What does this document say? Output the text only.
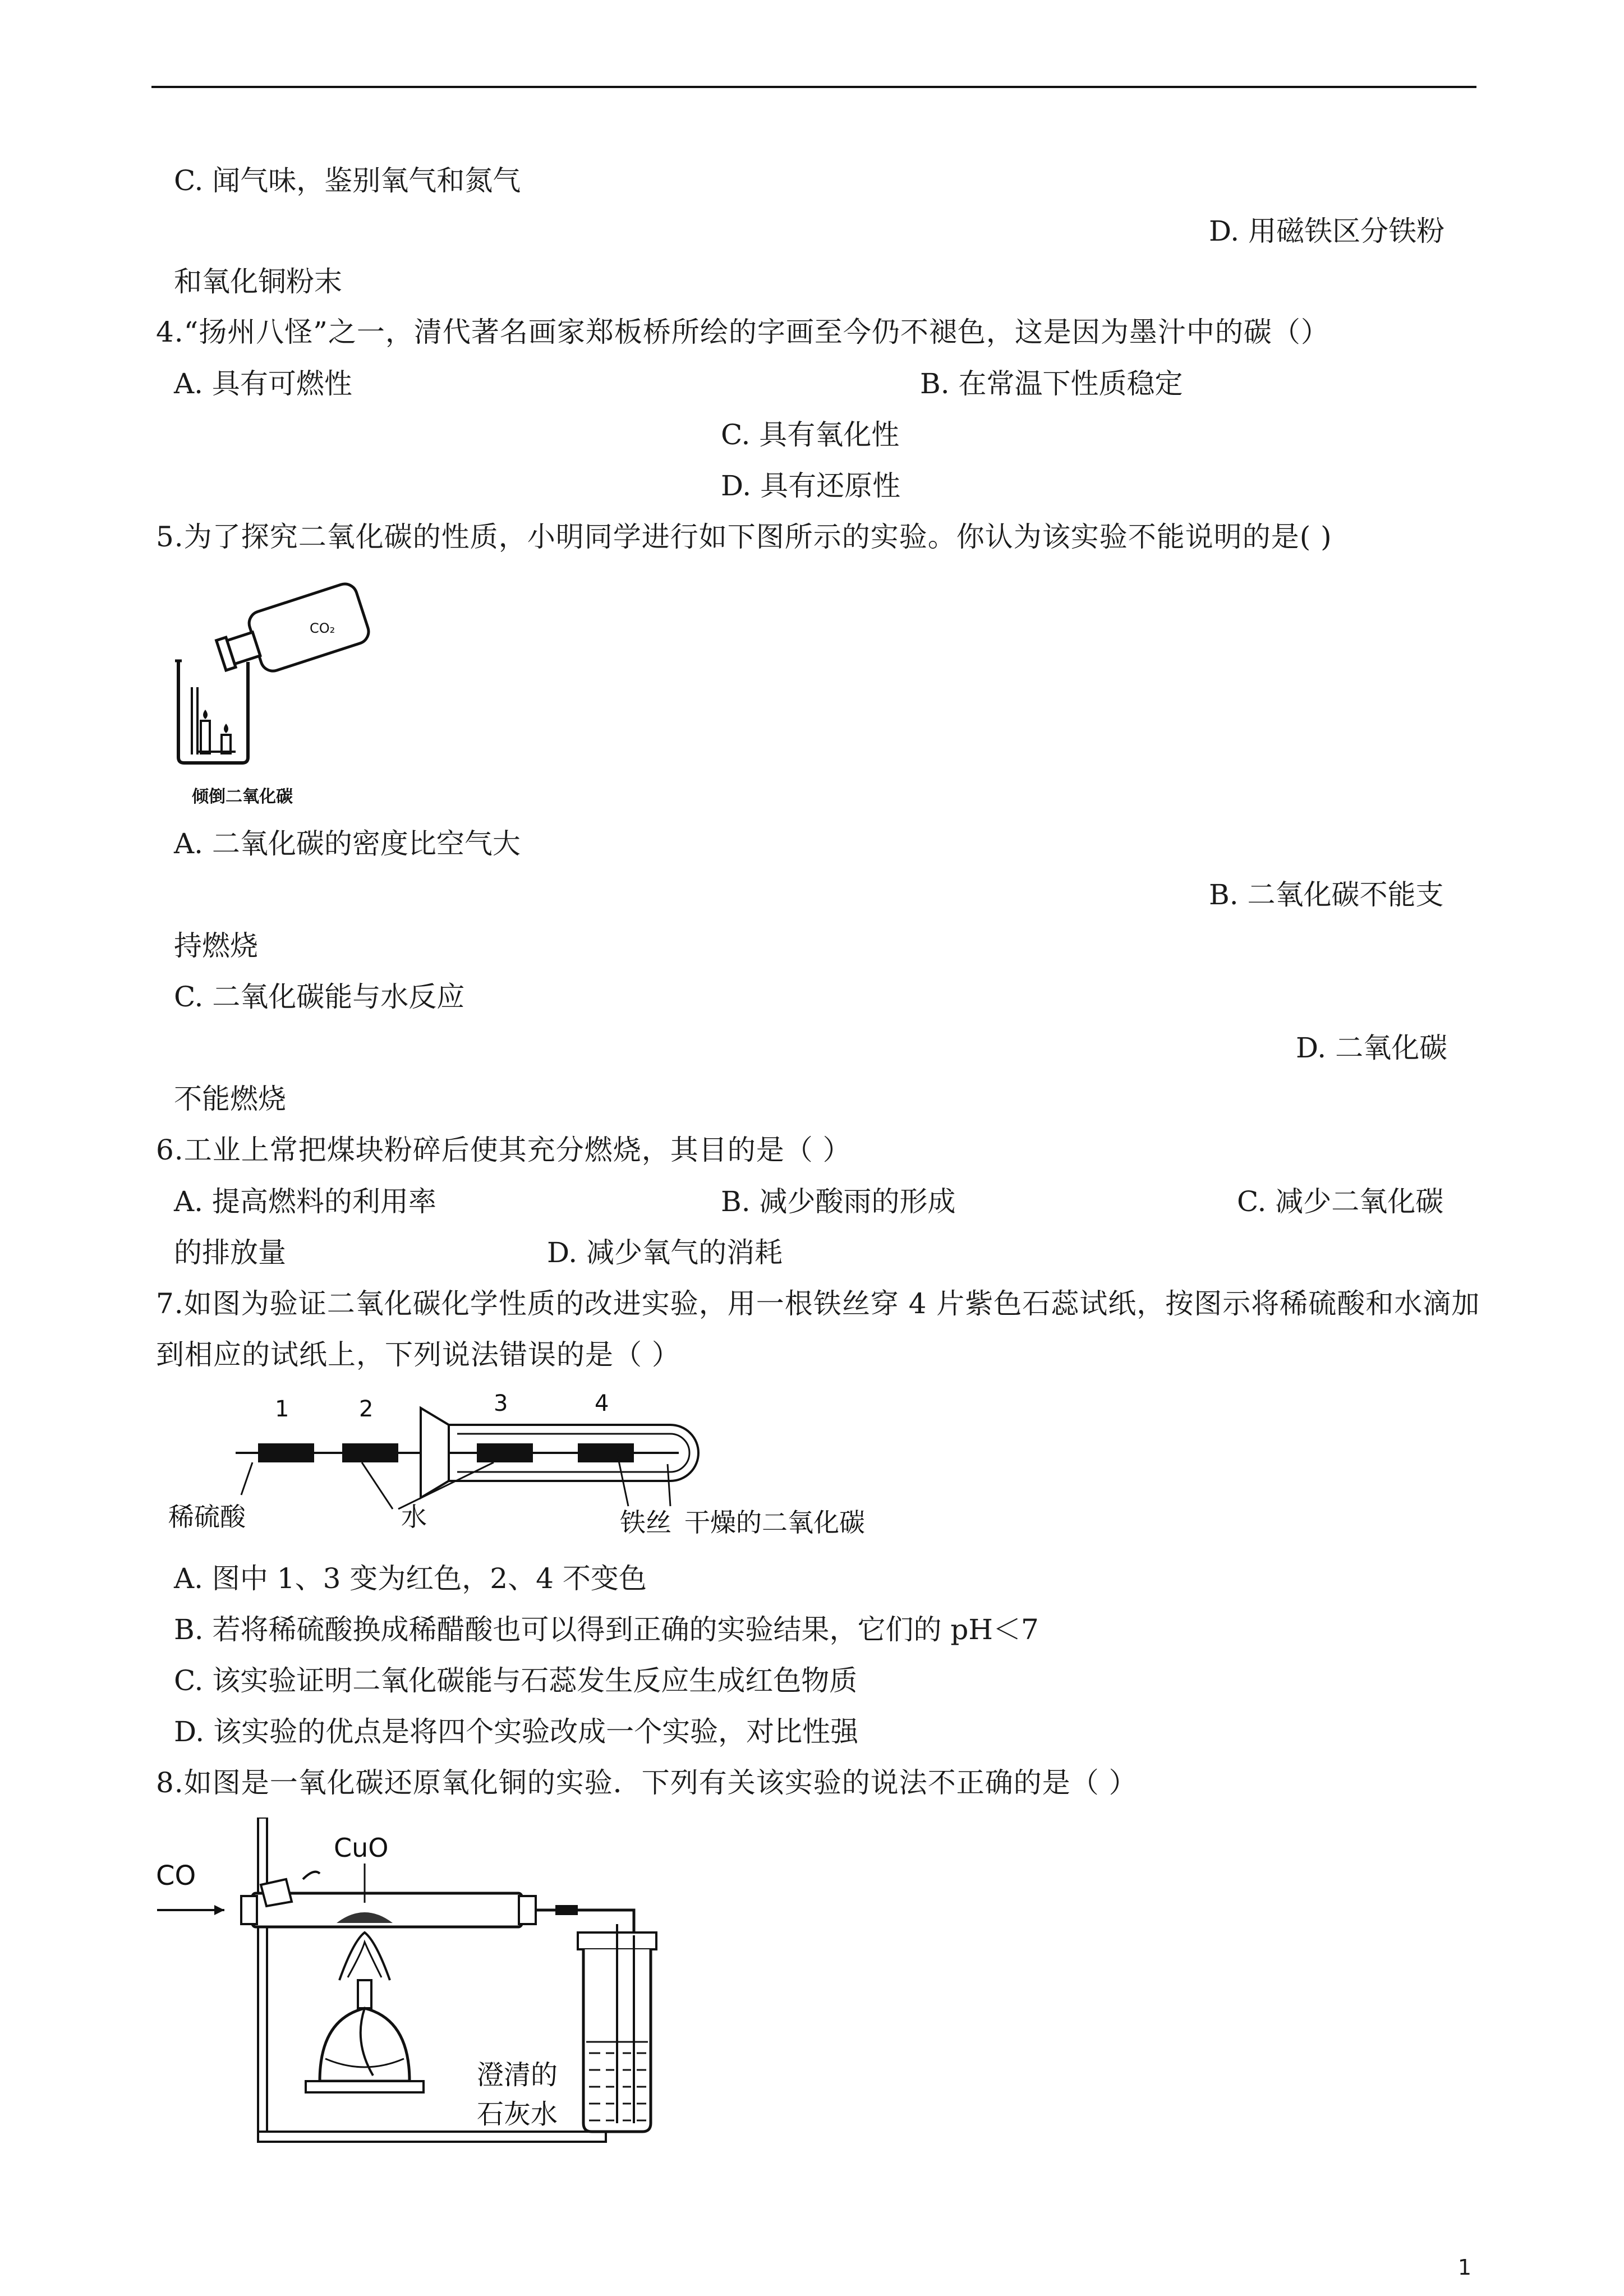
C. 闻气味，鉴别氧气和氮气
D. 用磁铁区分铁粉
和氧化铜粉末
4.“扬州八怪”之一，清代著名画家郑板桥所绘的字画至今仍不褪色，这是因为墨汁中的碳（）
A. 具有可燃性	B. 在常温下性质稳定
C. 具有氧化性
D. 具有还原性
5.为了探究二氧化碳的性质，小明同学进行如下图所示的实验。你认为该实验不能说明的是( )
CO₂
倾倒二氧化碳
A. 二氧化碳的密度比空气大
B. 二氧化碳不能支
持燃烧
C. 二氧化碳能与水反应
D. 二氧化碳
不能燃烧
6.工业上常把煤块粉碎后使其充分燃烧，其目的是（ ）
A. 提高燃料的利用率	B. 减少酸雨的形成	C. 减少二氧化碳
的排放量	D. 减少氧气的消耗
7.如图为验证二氧化碳化学性质的改进实验，用一根铁丝穿 4 片紫色石蕊试纸，按图示将稀硫酸和水滴加
到相应的试纸上，下列说法错误的是（ ）
1	2	3	4
稀硫酸	水	铁丝 干燥的二氧化碳
A. 图中 1、3 变为红色，2、4 不变色
B. 若将稀硫酸换成稀醋酸也可以得到正确的实验结果，它们的 pH＜7
C. 该实验证明二氧化碳能与石蕊发生反应生成红色物质
D. 该实验的优点是将四个实验改成一个实验，对比性强
8.如图是一氧化碳还原氧化铜的实验．下列有关该实验的说法不正确的是（ ）
CO
CuO
澄清的
石灰水
1
